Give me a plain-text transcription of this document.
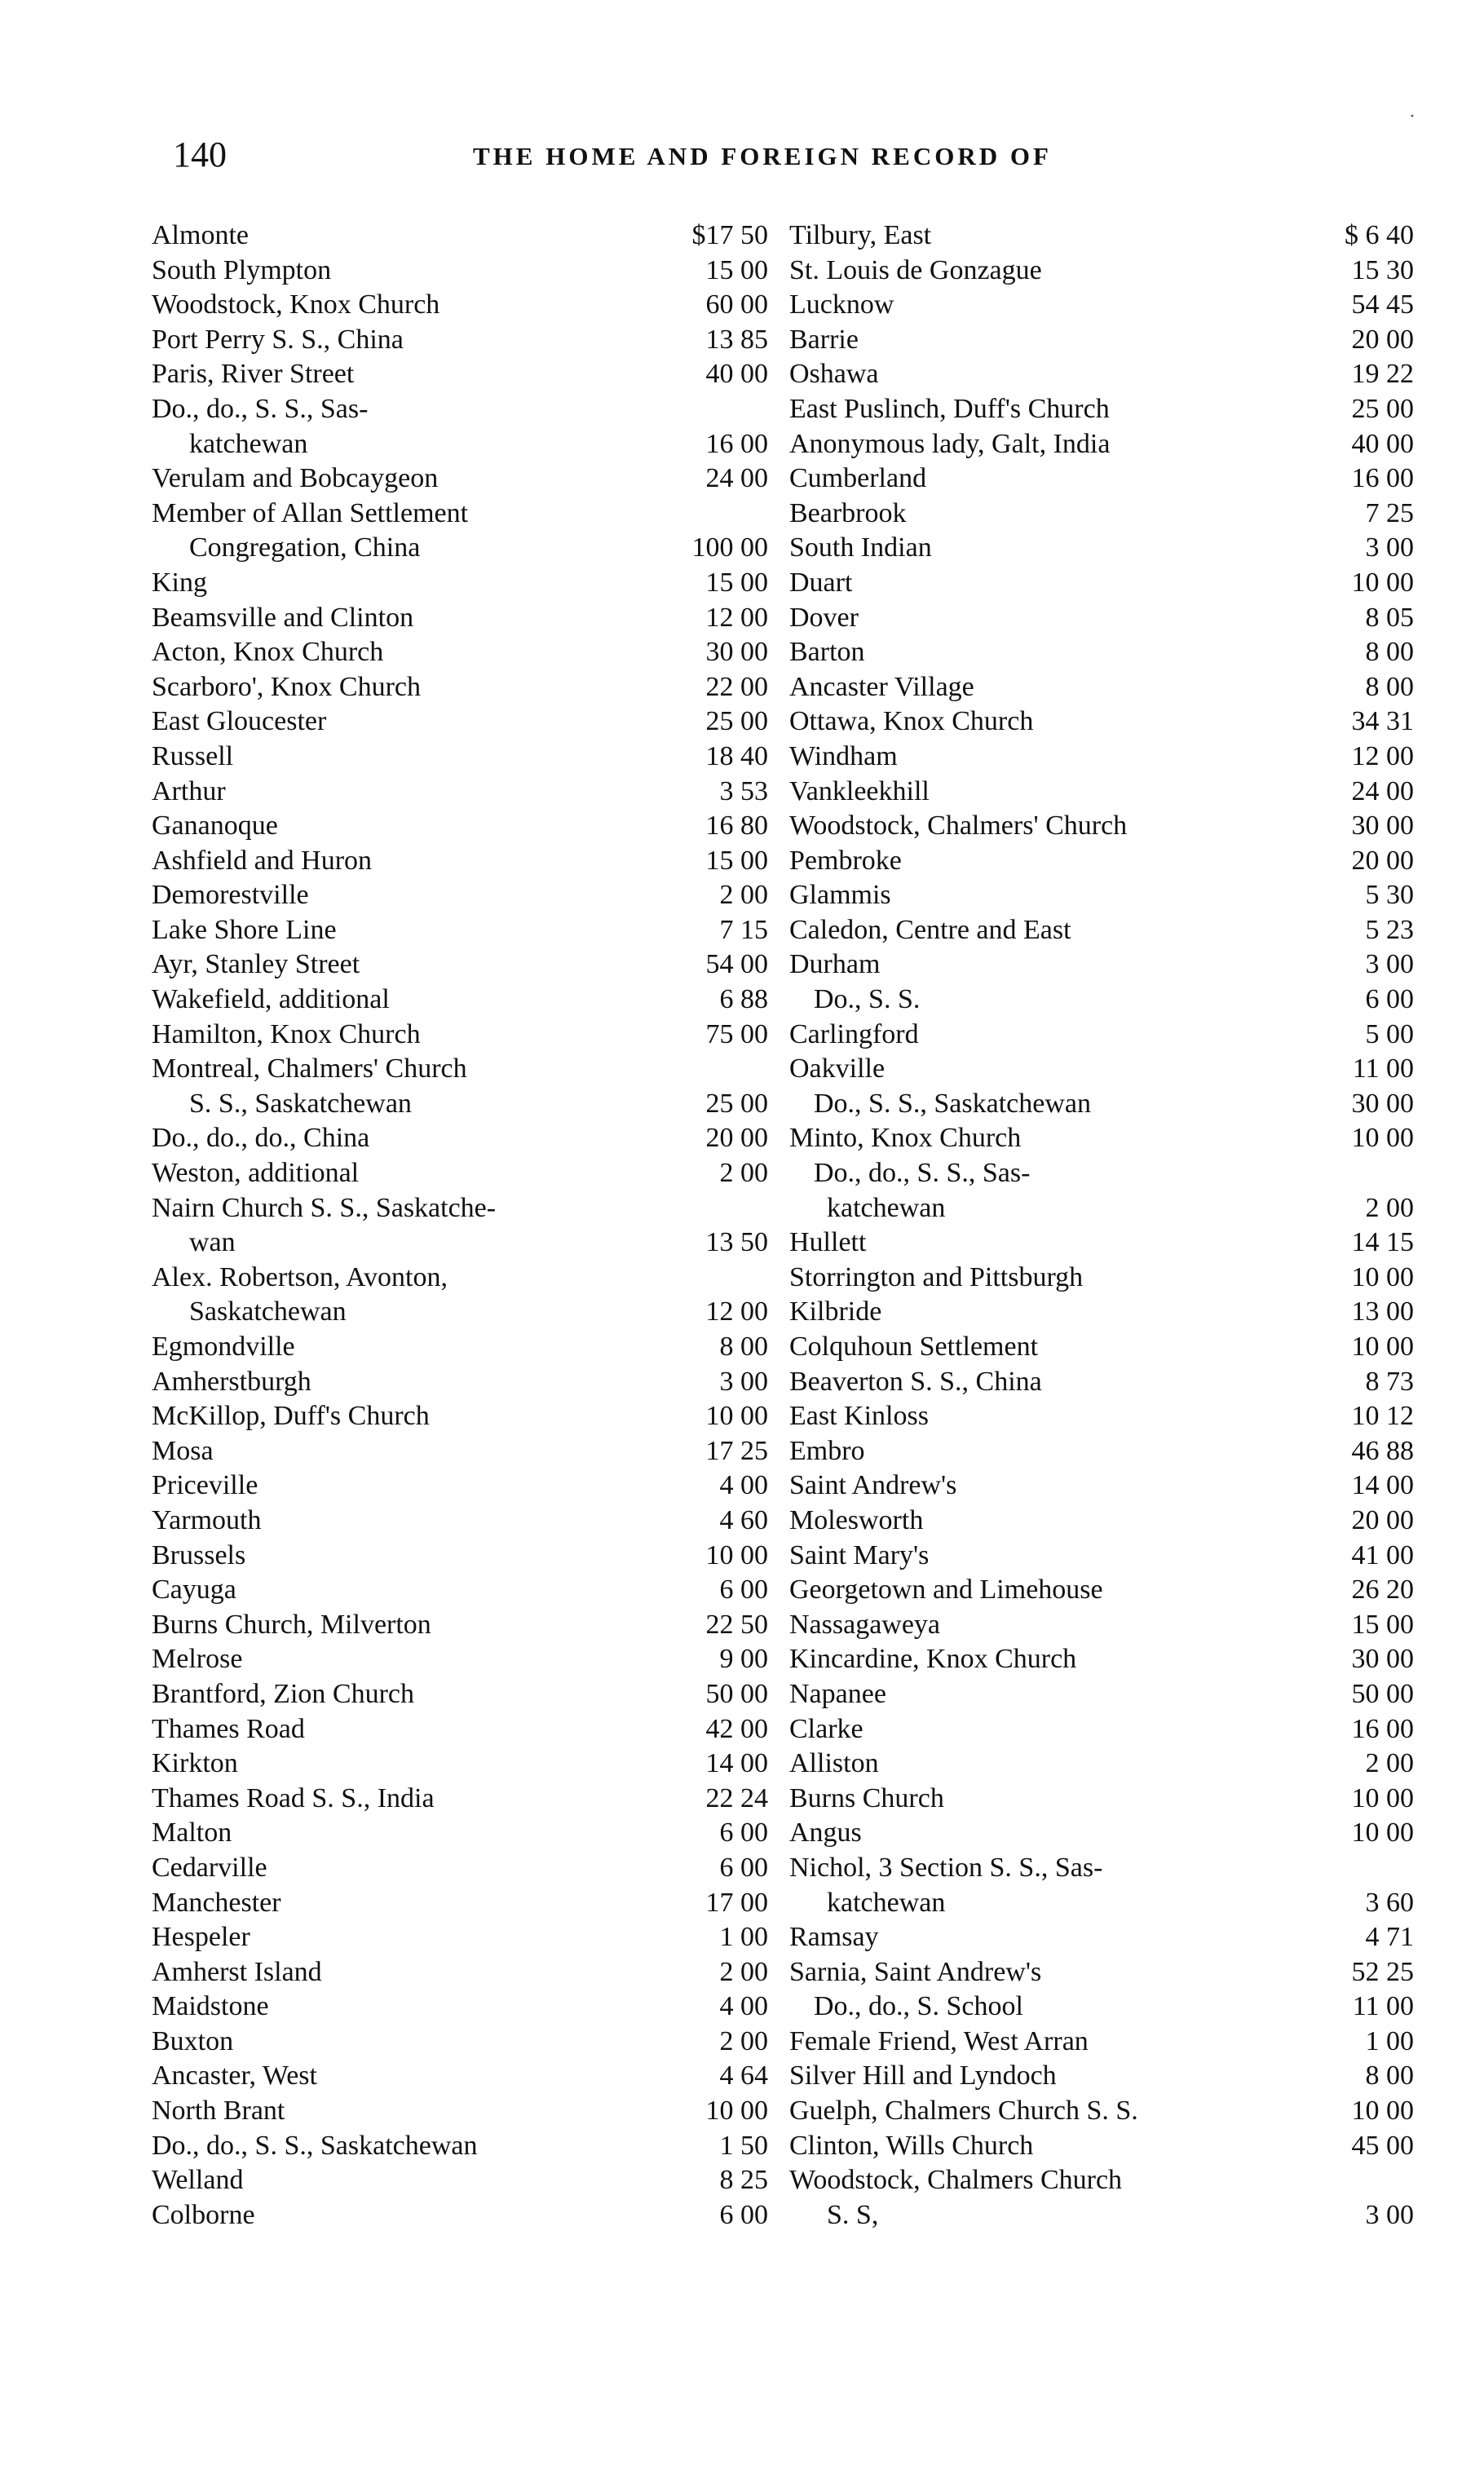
140	THE HOME AND FOREIGN RECORD OF
·
Almonte	$17 50
South Plympton	15 00
Woodstock, Knox Church	60 00
Port Perry S. S., China	13 85
Paris, River Street	40 00
Do., do., S. S., Sas-
katchewan	16 00
Verulam and Bobcaygeon	24 00
Member of Allan Settlement
Congregation, China	100 00
King	15 00
Beamsville and Clinton	12 00
Acton, Knox Church	30 00
Scarboro', Knox Church	22 00
East Gloucester	25 00
Russell	18 40
Arthur	3 53
Gananoque	16 80
Ashfield and Huron	15 00
Demorestville	2 00
Lake Shore Line	7 15
Ayr, Stanley Street	54 00
Wakefield, additional	6 88
Hamilton, Knox Church	75 00
Montreal, Chalmers' Church
S. S., Saskatchewan	25 00
Do., do., do., China	20 00
Weston, additional	2 00
Nairn Church S. S., Saskatche-
wan	13 50
Alex. Robertson, Avonton,
Saskatchewan	12 00
Egmondville	8 00
Amherstburgh	3 00
McKillop, Duff's Church	10 00
Mosa	17 25
Priceville	4 00
Yarmouth	4 60
Brussels	10 00
Cayuga	6 00
Burns Church, Milverton	22 50
Melrose	9 00
Brantford, Zion Church	50 00
Thames Road	42 00
Kirkton	14 00
Thames Road S. S., India	22 24
Malton	6 00
Cedarville	6 00
Manchester	17 00
Hespeler	1 00
Amherst Island	2 00
Maidstone	4 00
Buxton	2 00
Ancaster, West	4 64
North Brant	10 00
Do., do., S. S., Saskatchewan	1 50
Welland	8 25
Colborne	6 00
Tilbury, East	$ 6 40
St. Louis de Gonzague	15 30
Lucknow	54 45
Barrie	20 00
Oshawa	19 22
East Puslinch, Duff's Church	25 00
Anonymous lady, Galt, India	40 00
Cumberland	16 00
Bearbrook	7 25
South Indian	3 00
Duart	10 00
Dover	8 05
Barton	8 00
Ancaster Village	8 00
Ottawa, Knox Church	34 31
Windham	12 00
Vankleekhill	24 00
Woodstock, Chalmers' Church	30 00
Pembroke	20 00
Glammis	5 30
Caledon, Centre and East	5 23
Durham	3 00
Do., S. S.	6 00
Carlingford	5 00
Oakville	11 00
Do., S. S., Saskatchewan	30 00
Minto, Knox Church	10 00
Do., do., S. S., Sas-
katchewan	2 00
Hullett	14 15
Storrington and Pittsburgh	10 00
Kilbride	13 00
Colquhoun Settlement	10 00
Beaverton S. S., China	8 73
East Kinloss	10 12
Embro	46 88
Saint Andrew's	14 00
Molesworth	20 00
Saint Mary's	41 00
Georgetown and Limehouse	26 20
Nassagaweya	15 00
Kincardine, Knox Church	30 00
Napanee	50 00
Clarke	16 00
Alliston	2 00
Burns Church	10 00
Angus	10 00
Nichol, 3 Section S. S., Sas-
katchewan	3 60
Ramsay	4 71
Sarnia, Saint Andrew's	52 25
Do., do., S. School	11 00
Female Friend, West Arran	1 00
Silver Hill and Lyndoch	8 00
Guelph, Chalmers Church S. S.	10 00
Clinton, Wills Church	45 00
Woodstock, Chalmers Church
S. S,	3 00
